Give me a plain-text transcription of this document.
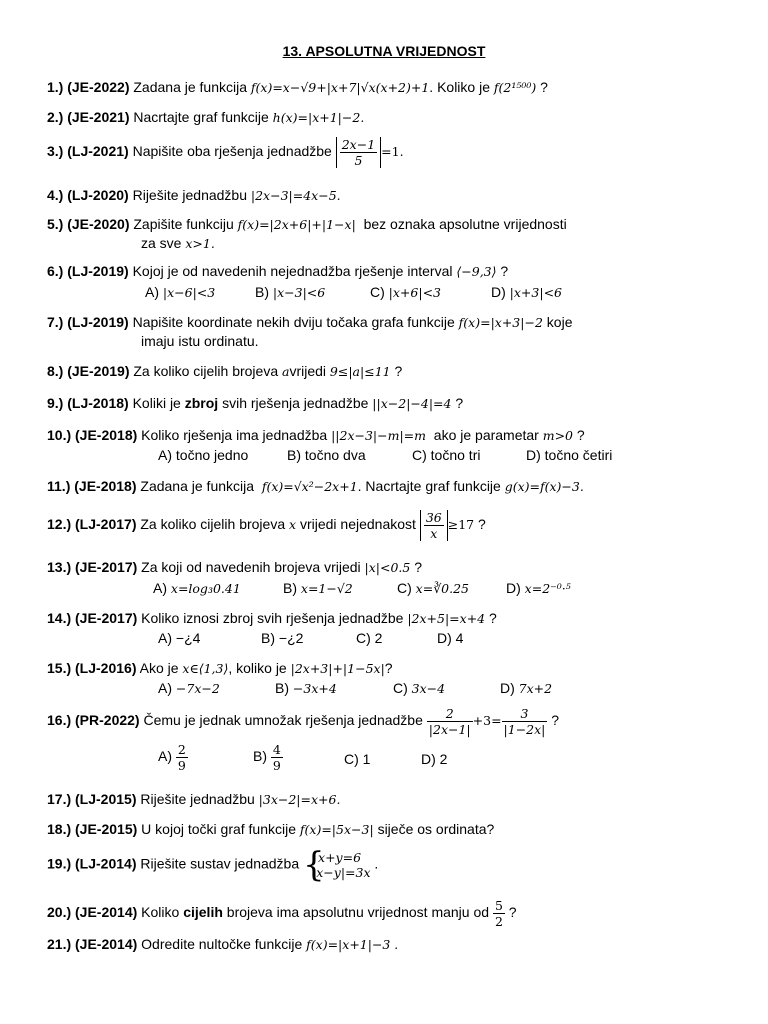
13. APSOLUTNA VRIJEDNOST
1.) (JE-2022) Zadana je funkcija f(x)=x−√9+|x+7|√x(x+2)+1. Koliko je f(2¹⁵⁰⁰) ?
2.) (JE-2021) Nacrtajte graf funkcije h(x)=|x+1|−2.
3.) (LJ-2021) Napišite oba rješenja jednadžbe $\frac{2x-1}{5} =1$.
4.) (LJ-2020) Riješite jednadžbu |2x−3|=4x−5.
5.) (JE-2020) Zapišite funkciju f(x)=|2x+6|+|1−x| bez oznaka apsolutne vrijednosti
za sve x>1.
6.) (LJ-2019) Kojoj je od navedenih nejednadžba rješenje interval ⟨−9,3⟩ ?
A) |x−6|<3	B) |x−3|<6	C) |x+6|<3	D) |x+3|<6
7.) (LJ-2019) Napišite koordinate nekih dviju točaka grafa funkcije f(x)=|x+3|−2 koje
imaju istu ordinatu.
8.) (JE-2019) Za koliko cijelih brojeva avrijedi 9≤|a|≤11 ?
9.) (LJ-2018) Koliki je zbroj svih rješenja jednadžbe ||x−2|−4|=4 ?
10.) (JE-2018) Koliko rješenja ima jednadžba ||2x−3|−m|=m ako je parametar m>0 ?
A) točno jedno	B) točno dva	C) točno tri	D) točno četiri
11.) (JE-2018) Zadana je funkcija f(x)=√x²−2x+1. Nacrtajte graf funkcije g(x)=f(x)−3.
12.) (LJ-2017) Za koliko cijelih brojeva x vrijedi nejednakost $\frac{36}{x} \ge 17$ ?
13.) (JE-2017) Za koji od navedenih brojeva vrijedi |x|<0.5 ?
A) x=log₃0.41	B) x=1−√2	C) x=∛0.25	D) x=2⁻⁰·⁵
14.) (JE-2017) Koliko iznosi zbroj svih rješenja jednadžbe |2x+5|=x+4 ?
A) −¿4	B) −¿2	C) 2	D) 4
15.) (LJ-2016) Ako je x∈⟨1,3⟩, koliko je |2x+3|+|1−5x|?
A) −7x−2	B) −3x+4	C) 3x−4	D) 7x+2
16.) (PR-2022) Čemu je jednak umnožak rješenja jednadžbe $\frac{2}{|2x-1|} +3= \frac{3}{|1-2x|}$ ?
$A) \frac{2}{9}$	$B) \frac{4}{9}$	C) 1	D) 2
17.) (LJ-2015) Riješite jednadžbu |3x−2|=x+6.
18.) (JE-2015) U kojoj točki graf funkcije f(x)=|5x−3| siječe os ordinata?
19.) (LJ-2014) Riješite sustav jednadžba {
x+y=6
|x−y|=3x
.
20.) (JE-2014) Koliko cijelih brojeva ima apsolutnu vrijednost manju od $\frac{5}{2}$ ?
21.) (JE-2014) Odredite nultočke funkcije f(x)=|x+1|−3 .
